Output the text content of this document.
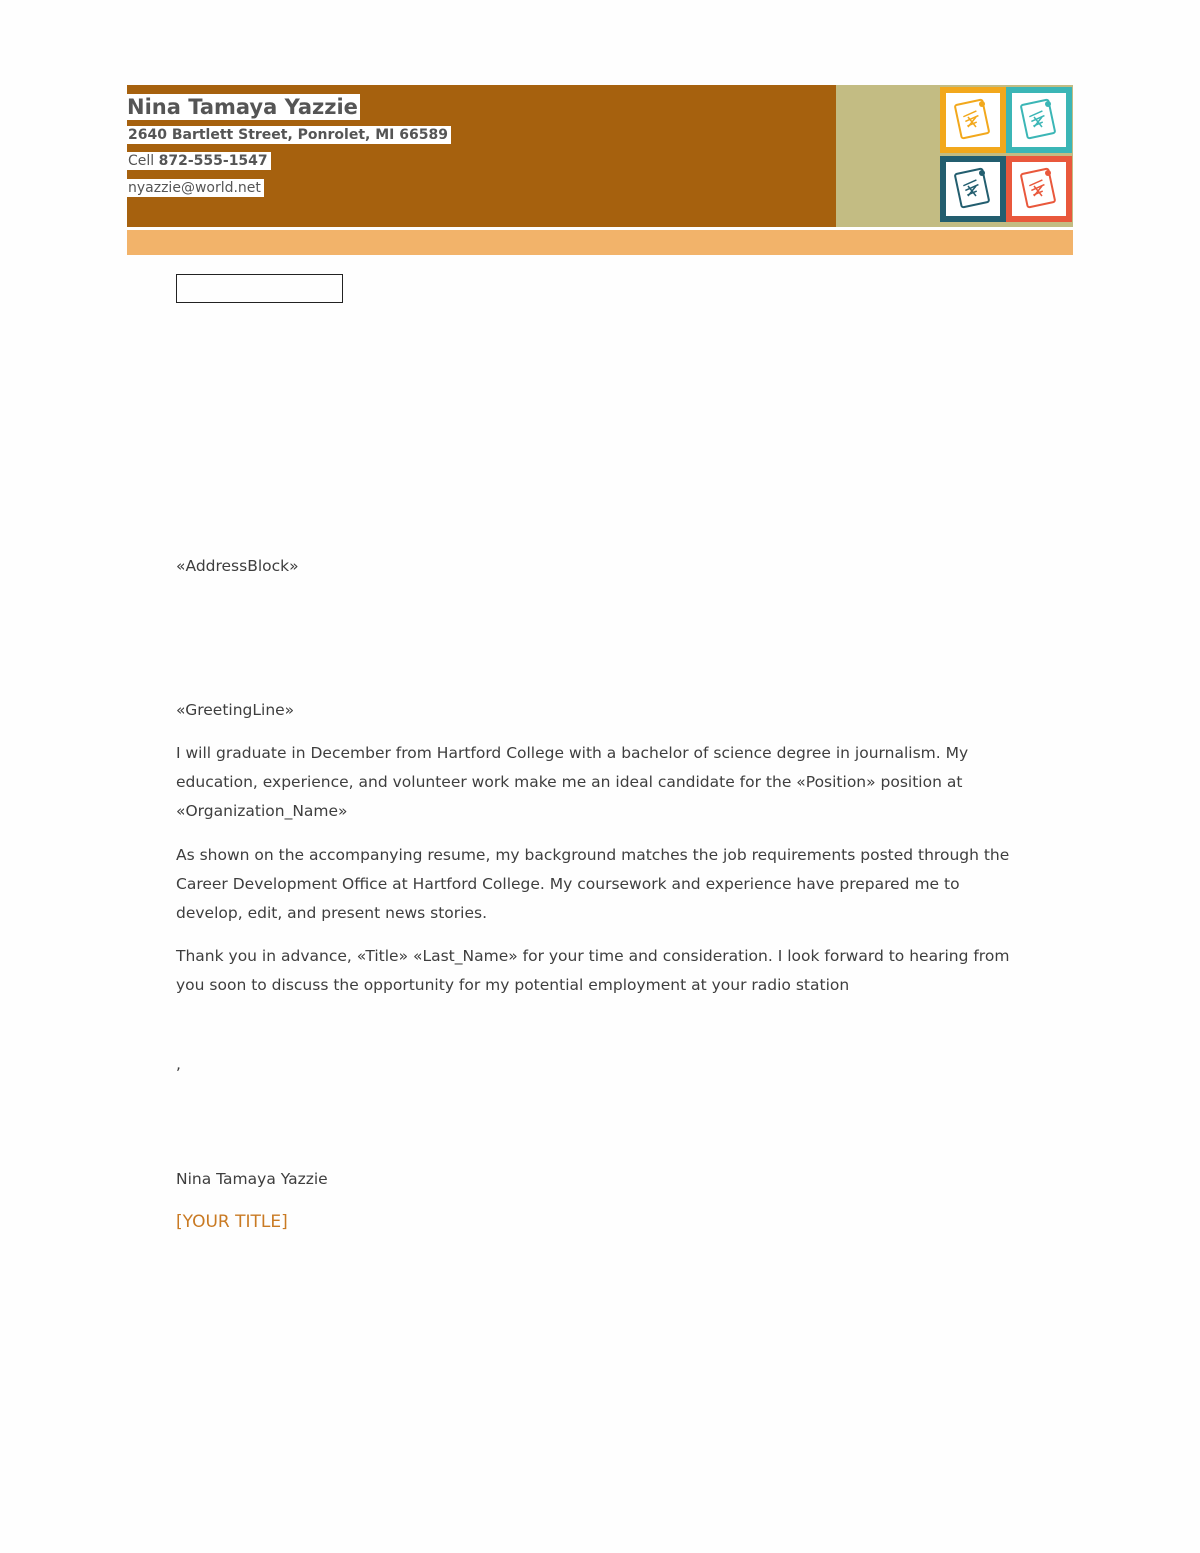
Nina Tamaya Yazzie
2640 Bartlett Street, Ponrolet, MI 66589
Cell 872-555-1547
nyazzie@world.net
«AddressBlock»
«GreetingLine»
I will graduate in December from Hartford College with a bachelor of science degree in journalism. My education, experience, and volunteer work make me an ideal candidate for the «Position» position at «Organization_Name»
As shown on the accompanying resume, my background matches the job requirements posted through the Career Development Office at Hartford College. My coursework and experience have prepared me to develop, edit, and present news stories.
Thank you in advance, «Title» «Last_Name» for your time and consideration. I look forward to hearing from you soon to discuss the opportunity for my potential employment at your radio station
,
Nina Tamaya Yazzie
[YOUR TITLE]
